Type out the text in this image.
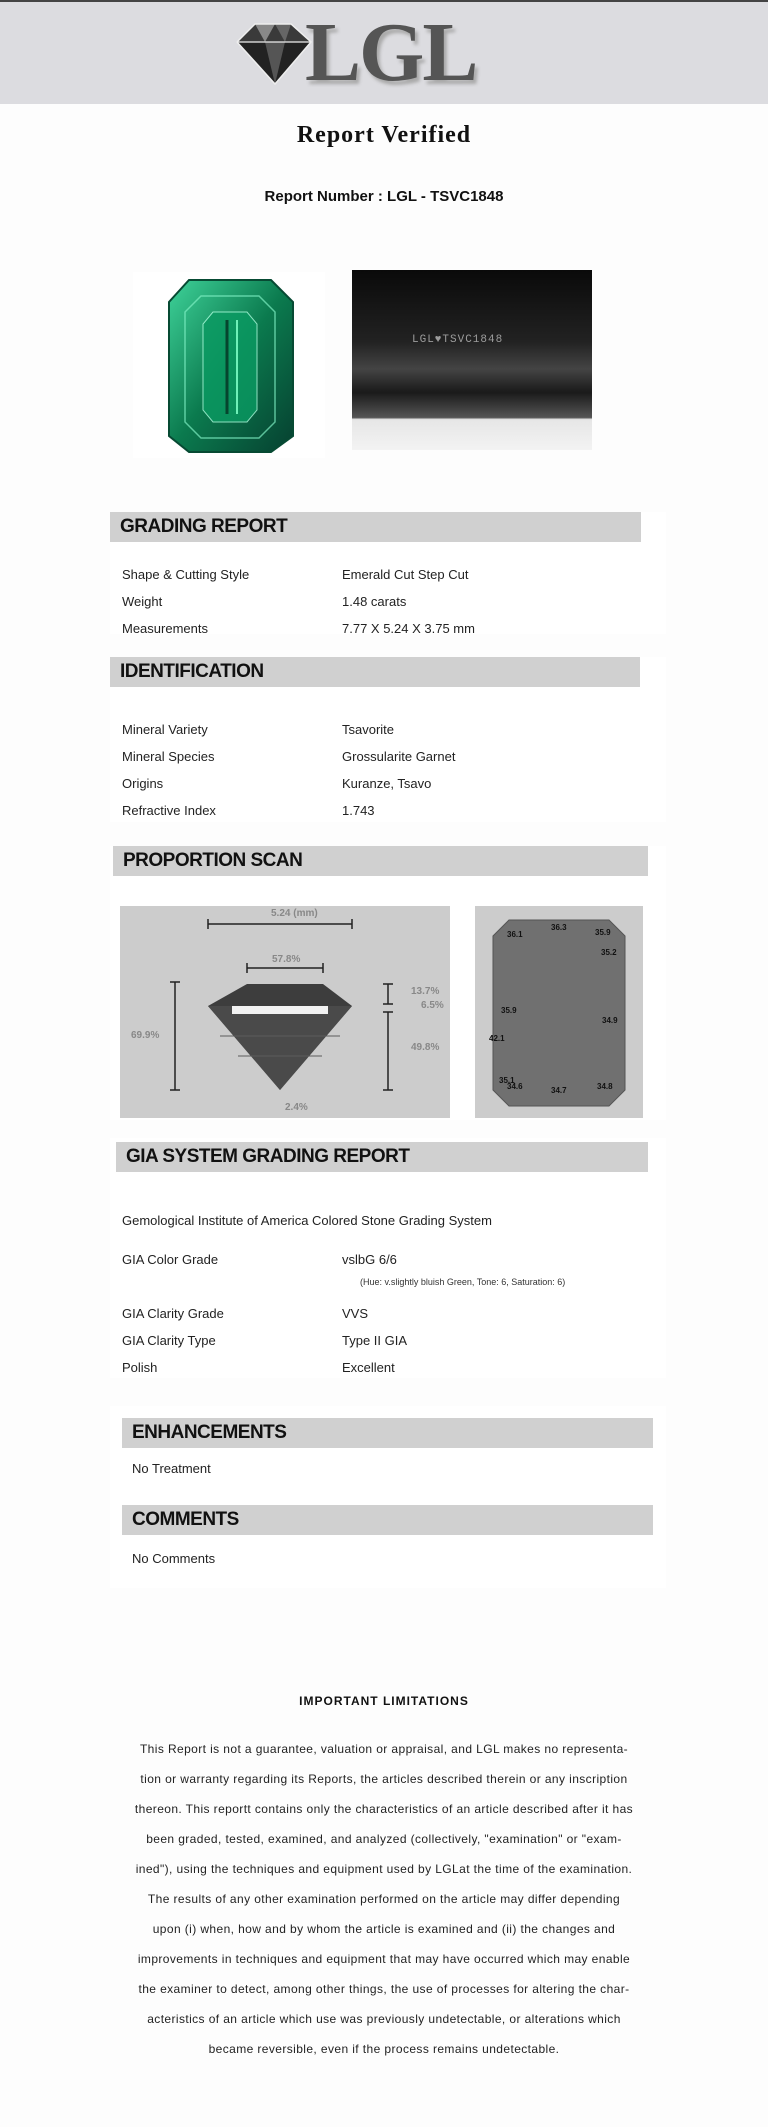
LGL
Report Verified
Report Number : LGL - TSVC1848
LGL♥TSVC1848
GRADING REPORT
Shape & Cutting Style	Emerald Cut Step Cut
Weight	1.48 carats
Measurements	7.77 X 5.24 X 3.75 mm
IDENTIFICATION
Mineral Variety	Tsavorite
Mineral Species	Grossularite Garnet
Origins	Kuranze, Tsavo
Refractive Index	1.743
PROPORTION SCAN
5.24 (mm)
57.8%
69.9%
13.7%
6.5%
49.8%
2.4%
36.1
36.3
35.9
35.2
35.9
34.9
42.1
35.1
34.6	34.7	34.8
GIA SYSTEM GRADING REPORT
Gemological Institute of America Colored Stone Grading System
GIA Color Grade	vslbG 6/6
(Hue: v.slightly bluish Green, Tone: 6, Saturation: 6)
GIA Clarity Grade	VVS
GIA Clarity Type	Type II GIA
Polish	Excellent
ENHANCEMENTS
No Treatment
COMMENTS
No Comments
IMPORTANT LIMITATIONS
This Report is not a guarantee, valuation or appraisal, and LGL makes no representa-
tion or warranty regarding its Reports, the articles described therein or any inscription
thereon. This reportt contains only the characteristics of an article described after it has
been graded, tested, examined, and analyzed (collectively, "examination" or "exam-
ined"), using the techniques and equipment used by LGLat the time of the examination.
The results of any other examination performed on the article may differ depending
upon (i) when, how and by whom the article is examined and (ii) the changes and
improvements in techniques and equipment that may have occurred which may enable
the examiner to detect, among other things, the use of processes for altering the char-
acteristics of an article which use was previously undetectable, or alterations which
became reversible, even if the process remains undetectable.
